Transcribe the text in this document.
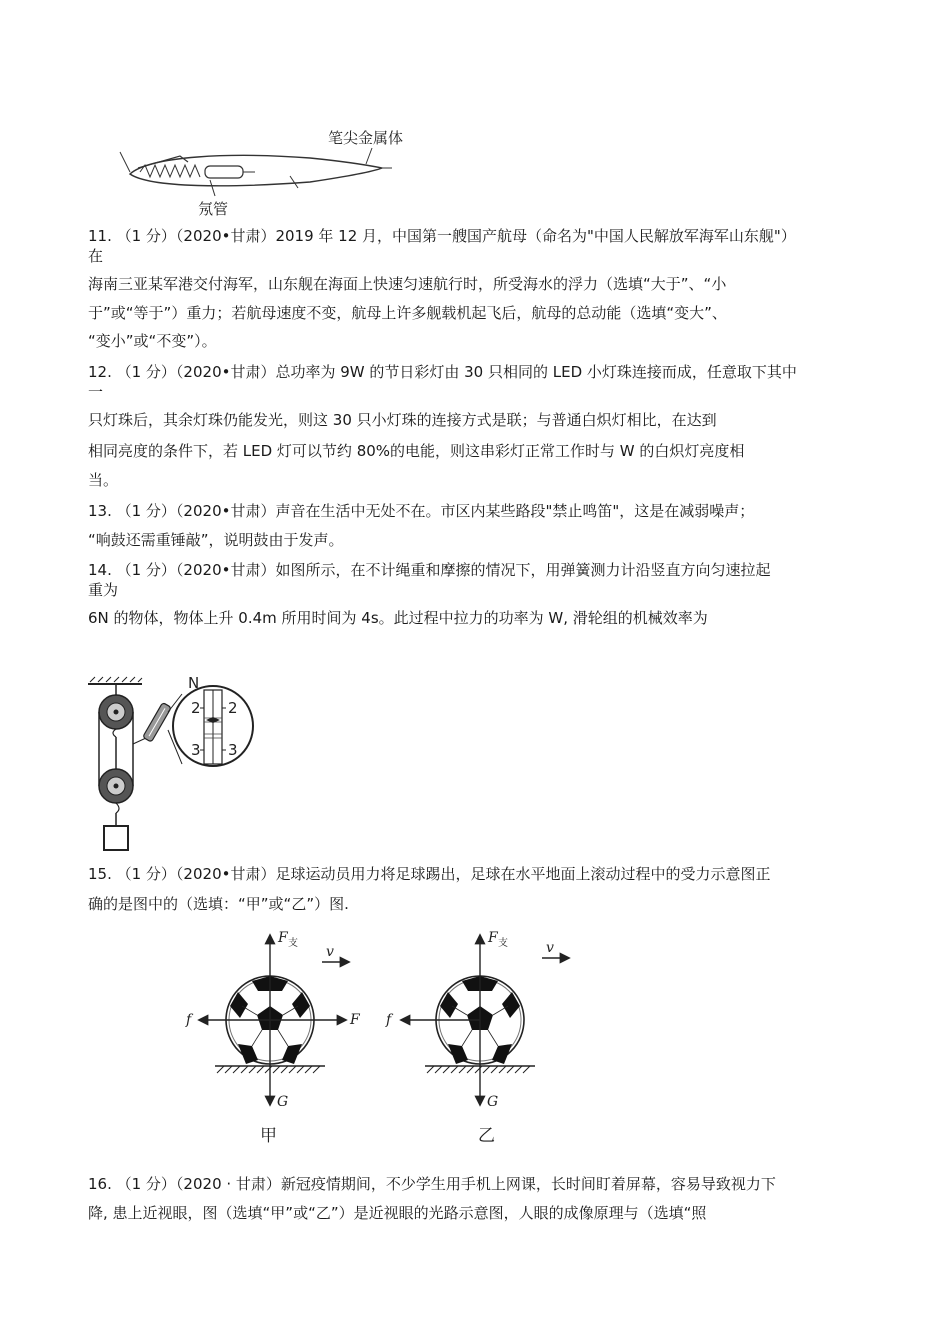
笔尖金属体
氖管
11. （1 分）（2020•甘肃）2019 年 12 月，中国第一艘国产航母（命名为"中国人民解放军海军山东舰"）
在
海南三亚某军港交付海军，山东舰在海面上快速匀速航行时，所受海水的浮力（选填“大于”、“小
于”或“等于”）重力；若航母速度不变，航母上许多舰载机起飞后，航母的总动能（选填“变大”、
“变小”或“不变”）。
12. （1 分）（2020•甘肃）总功率为 9W 的节日彩灯由 30 只相同的 LED 小灯珠连接而成，任意取下其中
一
只灯珠后，其余灯珠仍能发光，则这 30 只小灯珠的连接方式是联；与普通白炽灯相比，在达到
相同亮度的条件下，若 LED 灯可以节约 80%的电能，则这串彩灯正常工作时与 W 的白炽灯亮度相
当。
13. （1 分）（2020•甘肃）声音在生活中无处不在。市区内某些路段"禁止鸣笛"，这是在减弱噪声；
“响鼓还需重锤敲”，说明鼓由于发声。
14. （1 分）（2020•甘肃）如图所示，在不计绳重和摩擦的情况下，用弹簧测力计沿竖直方向匀速拉起
重为
6N 的物体，物体上升 0.4m 所用时间为 4s。此过程中拉力的功率为 W, 滑轮组的机械效率为
N
2 2
3 3
15. （1 分）（2020•甘肃）足球运动员用力将足球踢出，足球在水平地面上滚动过程中的受力示意图正
确的是图中的（选填：“甲”或“乙”）图.
F 支
v
f	F
G
甲
F 支	v
f
G
乙
16. （1 分）（2020 · 甘肃）新冠疫情期间，不少学生用手机上网课，长时间盯着屏幕，容易导致视力下
降, 患上近视眼，图（选填“甲”或“乙”）是近视眼的光路示意图，人眼的成像原理与（选填“照
